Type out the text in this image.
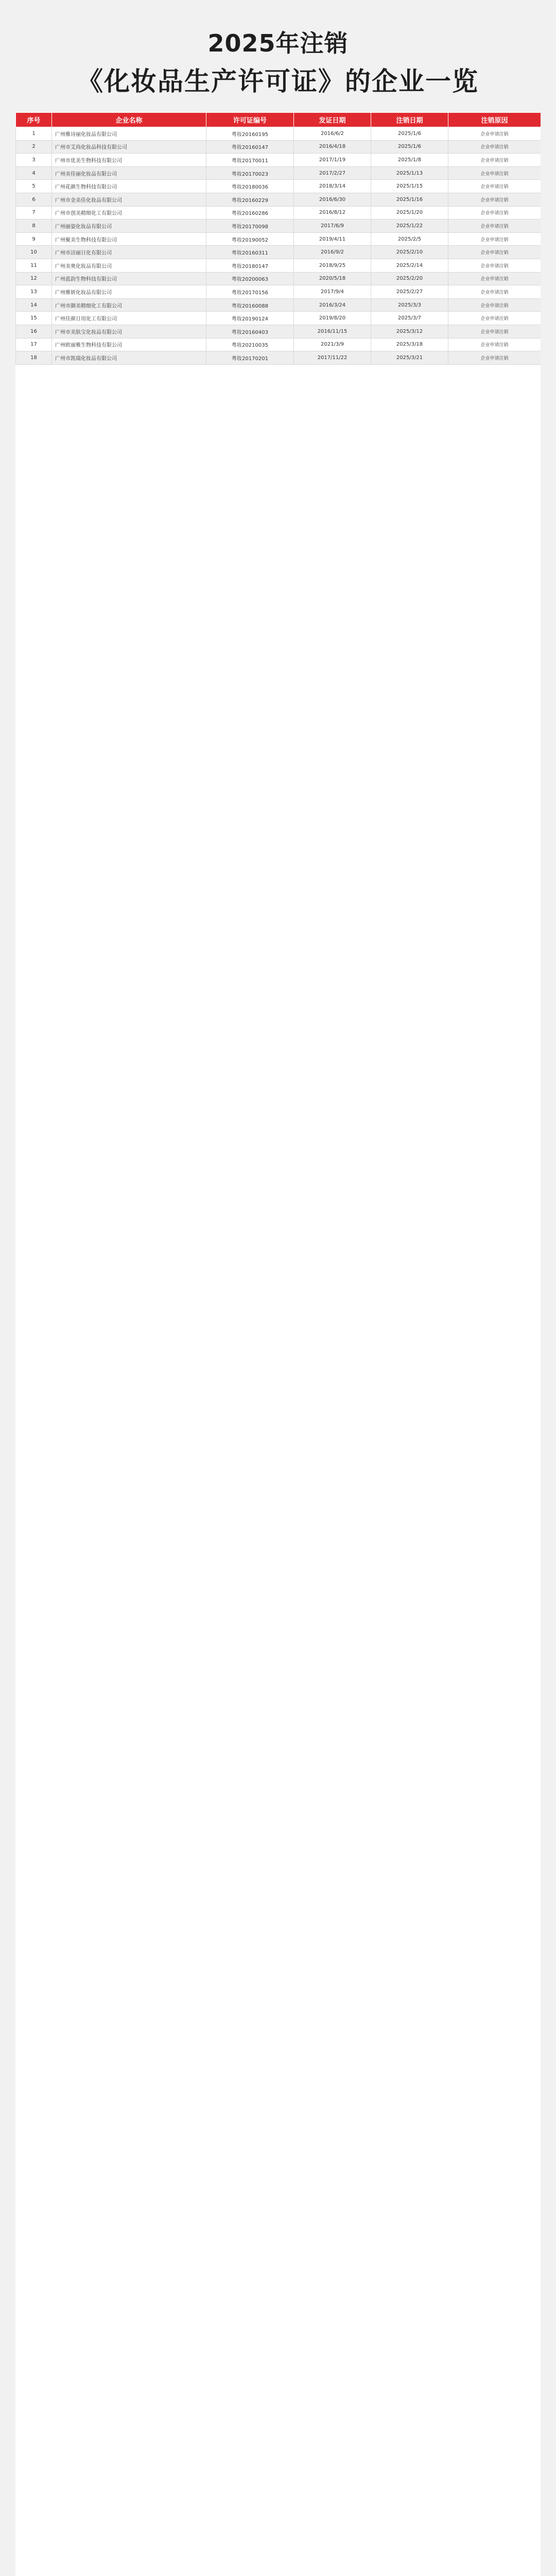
2025年注销
《化妆品生产许可证》的企业一览
序号	企业名称	许可证编号	发证日期	注销日期	注销原因
1	广州雅诗丽化妆品有限公司	粤妆20160195	2016/6/2	2025/1/6	企业申请注销
2	广州市艾尚化妆品科技有限公司	粤妆20160147	2016/4/18	2025/1/6	企业申请注销
3	广州市优美生物科技有限公司	粤妆20170011	2017/1/19	2025/1/8	企业申请注销
4	广州美佳丽化妆品有限公司	粤妆20170023	2017/2/27	2025/1/13	企业申请注销
5	广州花颜生物科技有限公司	粤妆20180036	2018/3/14	2025/1/15	企业申请注销
6	广州市金美佳化妆品有限公司	粤妆20160229	2016/6/30	2025/1/16	企业申请注销
7	广州市创美精细化工有限公司	粤妆20160286	2016/8/12	2025/1/20	企业申请注销
8	广州丽姿化妆品有限公司	粤妆20170098	2017/6/9	2025/1/22	企业申请注销
9	广州聚美生物科技有限公司	粤妆20190052	2019/4/11	2025/2/5	企业申请注销
10	广州市洁丽日化有限公司	粤妆20160311	2016/9/2	2025/2/10	企业申请注销
11	广州美奥化妆品有限公司	粤妆20180147	2018/9/25	2025/2/14	企业申请注销
12	广州蓝韵生物科技有限公司	粤妆20200063	2020/5/18	2025/2/20	企业申请注销
13	广州雅妍化妆品有限公司	粤妆20170156	2017/9/4	2025/2/27	企业申请注销
14	广州市御美精细化工有限公司	粤妆20160088	2016/3/24	2025/3/3	企业申请注销
15	广州佳颜日用化工有限公司	粤妆20190124	2019/8/20	2025/3/7	企业申请注销
16	广州市美肤宝化妆品有限公司	粤妆20160403	2016/11/15	2025/3/12	企业申请注销
17	广州欧丽雅生物科技有限公司	粤妆20210035	2021/3/9	2025/3/18	企业申请注销
18	广州市凯瑞化妆品有限公司	粤妆20170201	2017/11/22	2025/3/21	企业申请注销
